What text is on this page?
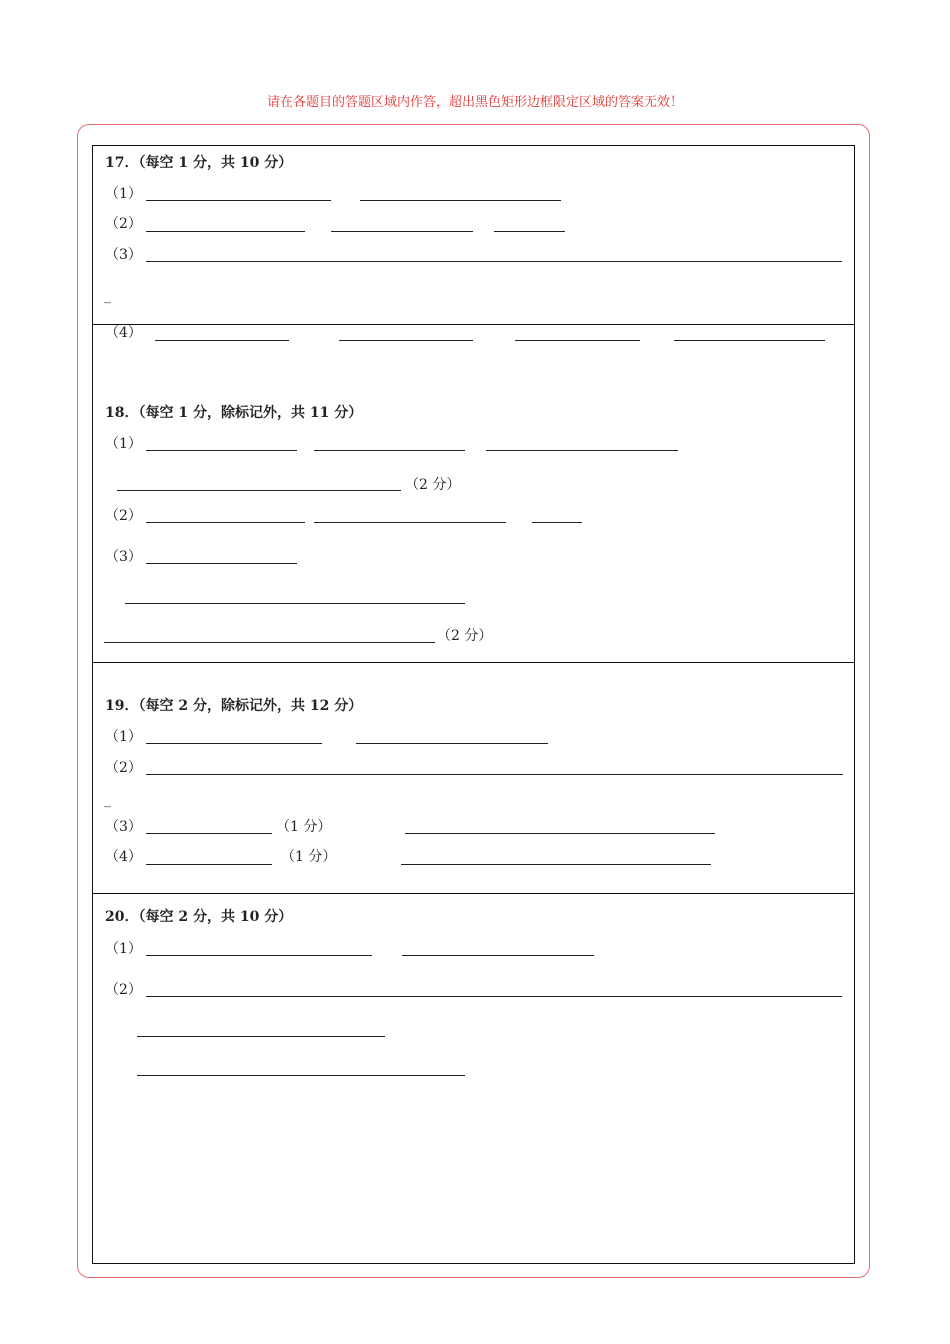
请在各题目的答题区域内作答，超出黑色矩形边框限定区域的答案无效！
17．（每空 1 分，共 10 分）
（1）
（2）
（3）
_
（4）
18．（每空 1 分，除标记外，共 11 分）
（1）
（2 分）
（2）
（3）
（2 分）
19．（每空 2 分，除标记外，共 12 分）
（1）
（2）
_
（3）	（1 分）
（4）	（1 分）
20．（每空 2 分，共 10 分）
（1）
（2）
